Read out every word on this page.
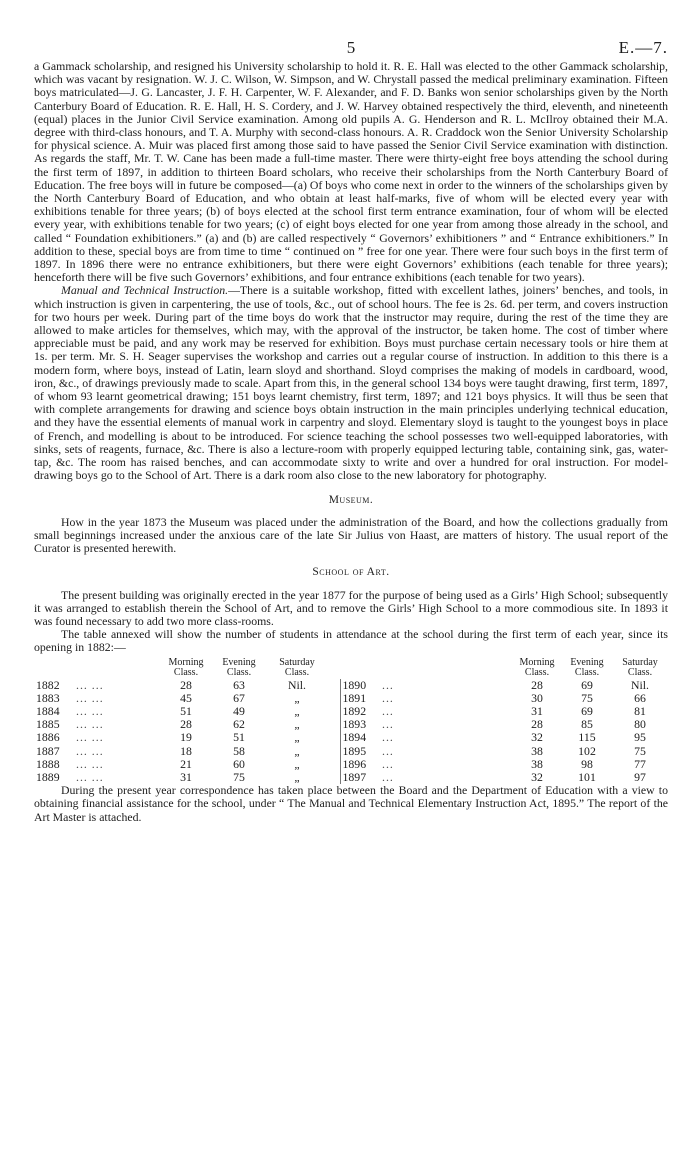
5	E.—7.

a Gammack scholarship, and resigned his University scholarship to hold it. R. E. Hall was elected to the other Gammack scholarship, which was vacant by resignation. W. J. C. Wilson, W. Simpson, and W. Chrystall passed the medical preliminary examination. Fifteen boys matriculated—J. G. Lancaster, J. F. H. Carpenter, W. F. Alexander, and F. D. Banks won senior scholarships given by the North Canterbury Board of Education. R. E. Hall, H. S. Cordery, and J. W. Harvey obtained respectively the third, eleventh, and nineteenth (equal) places in the Junior Civil Service examination. Among old pupils A. G. Henderson and R. L. McIlroy obtained their M.A. degree with third-class honours, and T. A. Murphy with second-class honours. A. R. Craddock won the Senior University Scholarship for physical science. A. Muir was placed first among those said to have passed the Senior Civil Service examination with distinction. As regards the staff, Mr. T. W. Cane has been made a full-time master. There were thirty-eight free boys attending the school during the first term of 1897, in addition to thirteen Board scholars, who receive their scholarships from the North Canterbury Board of Education. The free boys will in future be composed—(a) Of boys who come next in order to the winners of the scholarships given by the North Canterbury Board of Education, and who obtain at least half-marks, five of whom will be elected every year with exhibitions tenable for three years; (b) of boys elected at the school first term entrance examination, four of whom will be elected every year, with exhibitions tenable for two years; (c) of eight boys elected for one year from among those already in the school, and called “ Foundation exhibitioners.” (a) and (b) are called respectively “ Governors’ exhibitioners ” and “ Entrance exhibitioners.” In addition to these, special boys are from time to time “ continued on ” free for one year. There were four such boys in the first term of 1897. In 1896 there were no entrance exhibitioners, but there were eight Governors’ exhibitions (each tenable for three years); henceforth there will be five such Governors’ exhibitions, and four entrance exhibitions (each tenable for two years).

Manual and Technical Instruction.—There is a suitable workshop, fitted with excellent lathes, joiners’ benches, and tools, in which instruction is given in carpentering, the use of tools, &c., out of school hours. The fee is 2s. 6d. per term, and covers instruction for two hours per week. During part of the time boys do work that the instructor may require, during the rest of the time they are allowed to make articles for themselves, which may, with the approval of the instructor, be taken home. The cost of timber where appreciable must be paid, and any work may be reserved for exhibition. Boys must purchase certain necessary tools or hire them at 1s. per term. Mr. S. H. Seager supervises the workshop and carries out a regular course of instruction. In addition to this there is a modern form, where boys, instead of Latin, learn sloyd and shorthand. Sloyd comprises the making of models in cardboard, wood, iron, &c., of drawings previously made to scale. Apart from this, in the general school 134 boys were taught drawing, first term, 1897, of whom 93 learnt geometrical drawing; 151 boys learnt chemistry, first term, 1897; and 121 boys physics. It will thus be seen that with complete arrangements for drawing and science boys obtain instruction in the main principles underlying technical education, and they have the essential elements of manual work in carpentry and sloyd. Elementary sloyd is taught to the youngest boys in place of French, and modelling is about to be introduced. For science teaching the school possesses two well-equipped laboratories, with sinks, sets of reagents, furnace, &c. There is also a lecture-room with properly equipped lecturing table, containing sink, gas, water-tap, &c. The room has raised benches, and can accommodate sixty to write and over a hundred for oral instruction. For model-drawing boys go to the School of Art. There is a dark room also close to the new laboratory for photography.

Museum.

How in the year 1873 the Museum was placed under the administration of the Board, and how the collections gradually from small beginnings increased under the anxious care of the late Sir Julius von Haast, are matters of history. The usual report of the Curator is presented herewith.

School of Art.

The present building was originally erected in the year 1877 for the purpose of being used as a Girls’ High School; subsequently it was arranged to establish therein the School of Art, and to remove the Girls’ High School to a more commodious site. In 1893 it was found necessary to add two more class-rooms.

The table annexed will show the number of students in attendance at the school during the first term of each year, since its opening in 1882:—

		Morning Class.	Evening Class.	Saturday Class.				Morning Class.	Evening Class.	Saturday Class.
1882	... ...	28	63	Nil.		1890	...	28	69	Nil.
1883	... ...	45	67	„		1891	...	30	75	66
1884	... ...	51	49	„		1892	...	31	69	81
1885	... ...	28	62	„		1893	...	28	85	80
1886	... ...	19	51	„		1894	...	32	115	95
1887	... ...	18	58	„		1895	...	38	102	75
1888	... ...	21	60	„		1896	...	38	98	77
1889	... ...	31	75	„		1897	...	32	101	97

During the present year correspondence has taken place between the Board and the Department of Education with a view to obtaining financial assistance for the school, under “ The Manual and Technical Elementary Instruction Act, 1895.” The report of the Art Master is attached.
